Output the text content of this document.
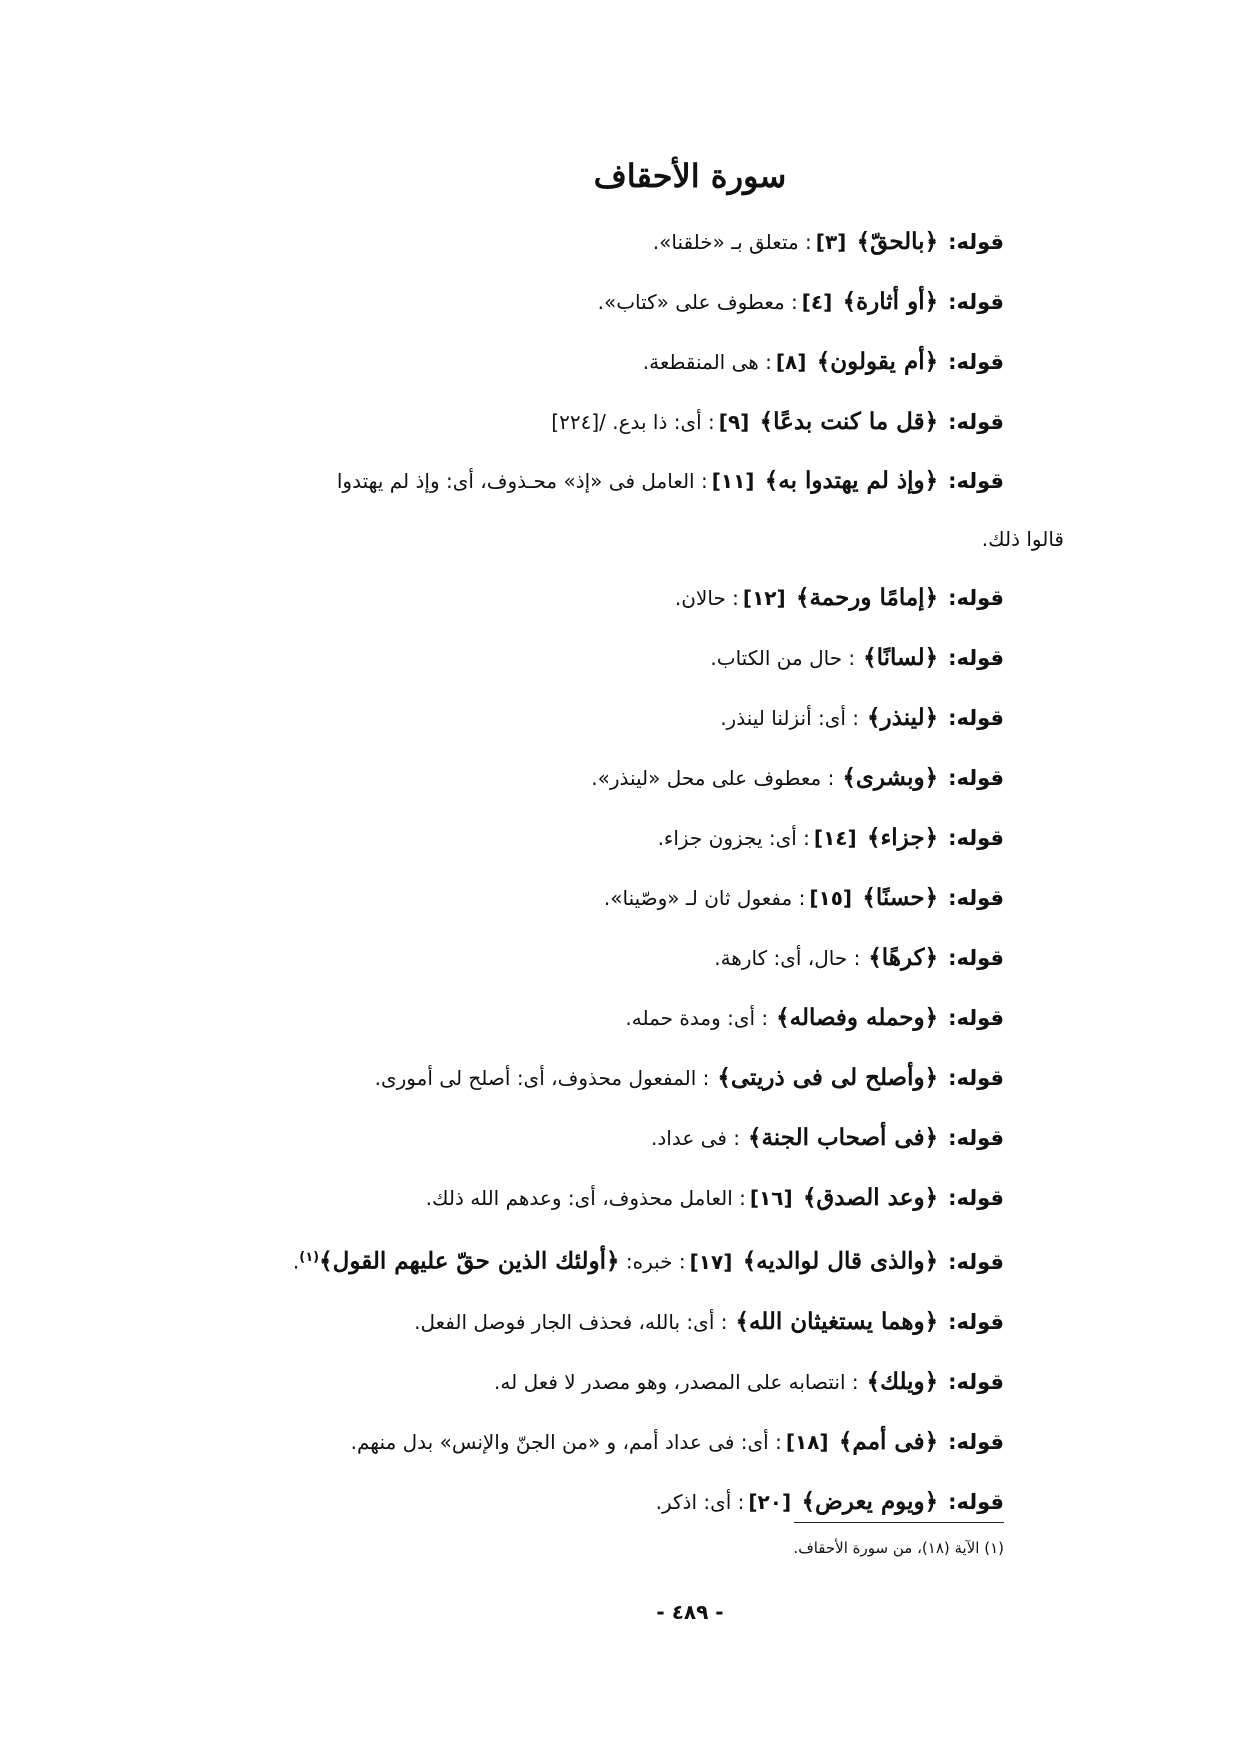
سورة الأحقاف
قوله:﴿بالحقّ﴾ [٣]: متعلق بـ «خلقنا».
قوله:﴿أو أثارة﴾ [٤]: معطوف على «كتاب».
قوله:﴿أم يقولون﴾ [٨]: هى المنقطعة.
قوله:﴿قل ما كنت بدعًا﴾ [٩]: أى: ذا بدع. /[٢٢٤]
قوله:﴿وإذ لم يهتدوا به﴾ [١١]: العامل فى «إذ» محـذوف، أى: وإذ لم يهتدوا
قالوا ذلك.
قوله:﴿إمامًا ورحمة﴾ [١٢]: حالان.
قوله:﴿لسانًا﴾: حال من الكتاب.
قوله:﴿لينذر﴾: أى: أنزلنا لينذر.
قوله:﴿وبشرى﴾: معطوف على محل «لينذر».
قوله:﴿جزاء﴾ [١٤]: أى: يجزون جزاء.
قوله:﴿حسنًا﴾ [١٥]: مفعول ثان لـ «وصّينا».
قوله:﴿كرهًا﴾: حال، أى: كارهة.
قوله:﴿وحمله وفصاله﴾: أى: ومدة حمله.
قوله:﴿وأصلح لى فى ذريتى﴾: المفعول محذوف، أى: أصلح لى أمورى.
قوله:﴿فى أصحاب الجنة﴾: فى عداد.
قوله:﴿وعد الصدق﴾ [١٦]: العامل محذوف، أى: وعدهم الله ذلك.
قوله:﴿والذى قال لوالديه﴾ [١٧]: خبره: ﴿أولئك الذين حقّ عليهم القول﴾$^{(١)}$.
قوله:﴿وهما يستغيثان الله﴾: أى: بالله، فحذف الجار فوصل الفعل.
قوله:﴿ويلك﴾: انتصابه على المصدر، وهو مصدر لا فعل له.
قوله:﴿فى أمم﴾ [١٨]: أى: فى عداد أمم، و «من الجنّ والإنس» بدل منهم.
قوله:﴿ويوم يعرض﴾ [٢٠]: أى: اذكر.
(١) الآية (١٨)، من سورة الأحقاف.
- ٤٨٩ -
